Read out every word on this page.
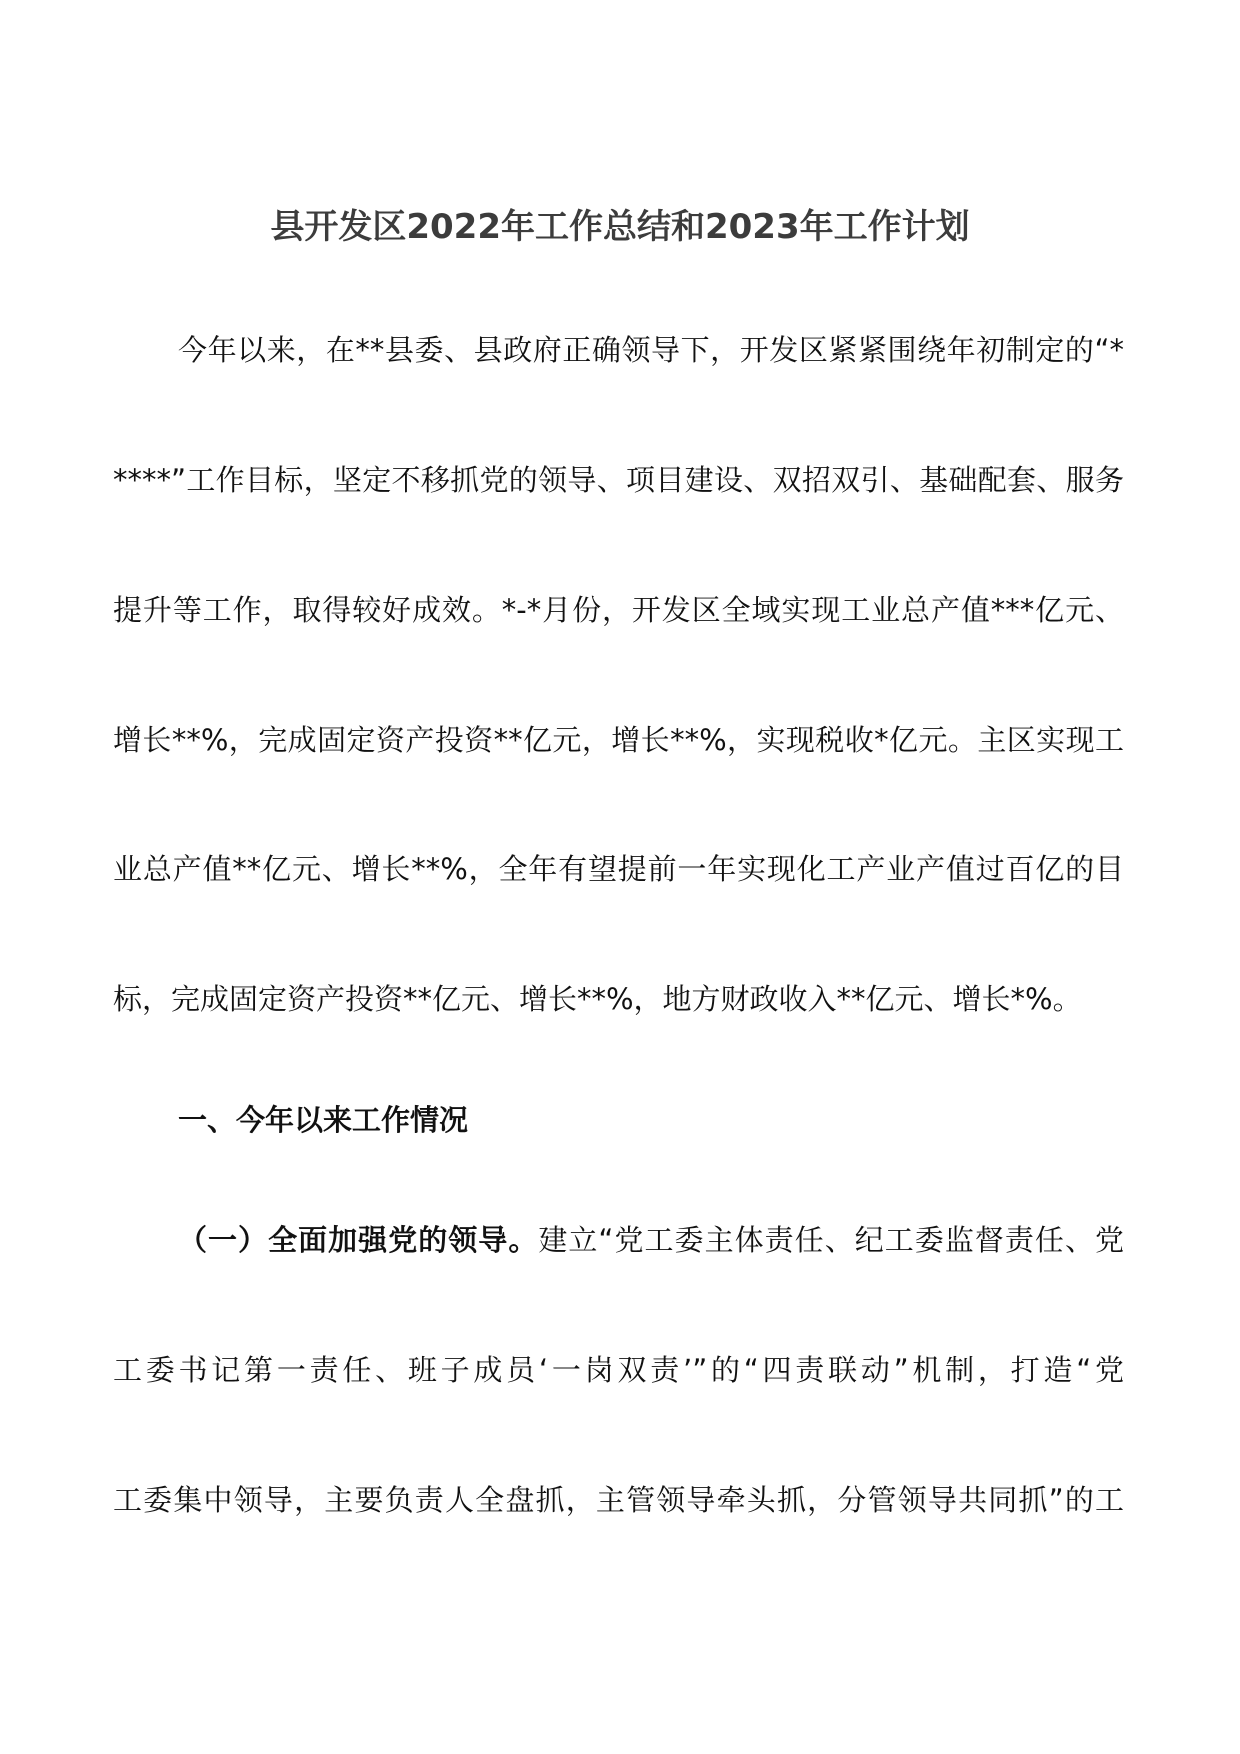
县开发区2022年工作总结和2023年工作计划
今年以来，在**县委、县政府正确领导下，开发区紧紧围绕年初制定的“*
****”工作目标，坚定不移抓党的领导、项目建设、双招双引、基础配套、服务
提升等工作，取得较好成效。*-*月份，开发区全域实现工业总产值***亿元、
增长**%，完成固定资产投资**亿元，增长**%，实现税收*亿元。主区实现工
业总产值**亿元、增长**%，全年有望提前一年实现化工产业产值过百亿的目
标，完成固定资产投资**亿元、增长**%，地方财政收入**亿元、增长*%。
一、今年以来工作情况
（一）全面加强党的领导。建立“党工委主体责任、纪工委监督责任、党
工委书记第一责任、班子成员‘一岗双责’”的“四责联动”机制，打造“党
工委集中领导，主要负责人全盘抓，主管领导牵头抓，分管领导共同抓”的工
